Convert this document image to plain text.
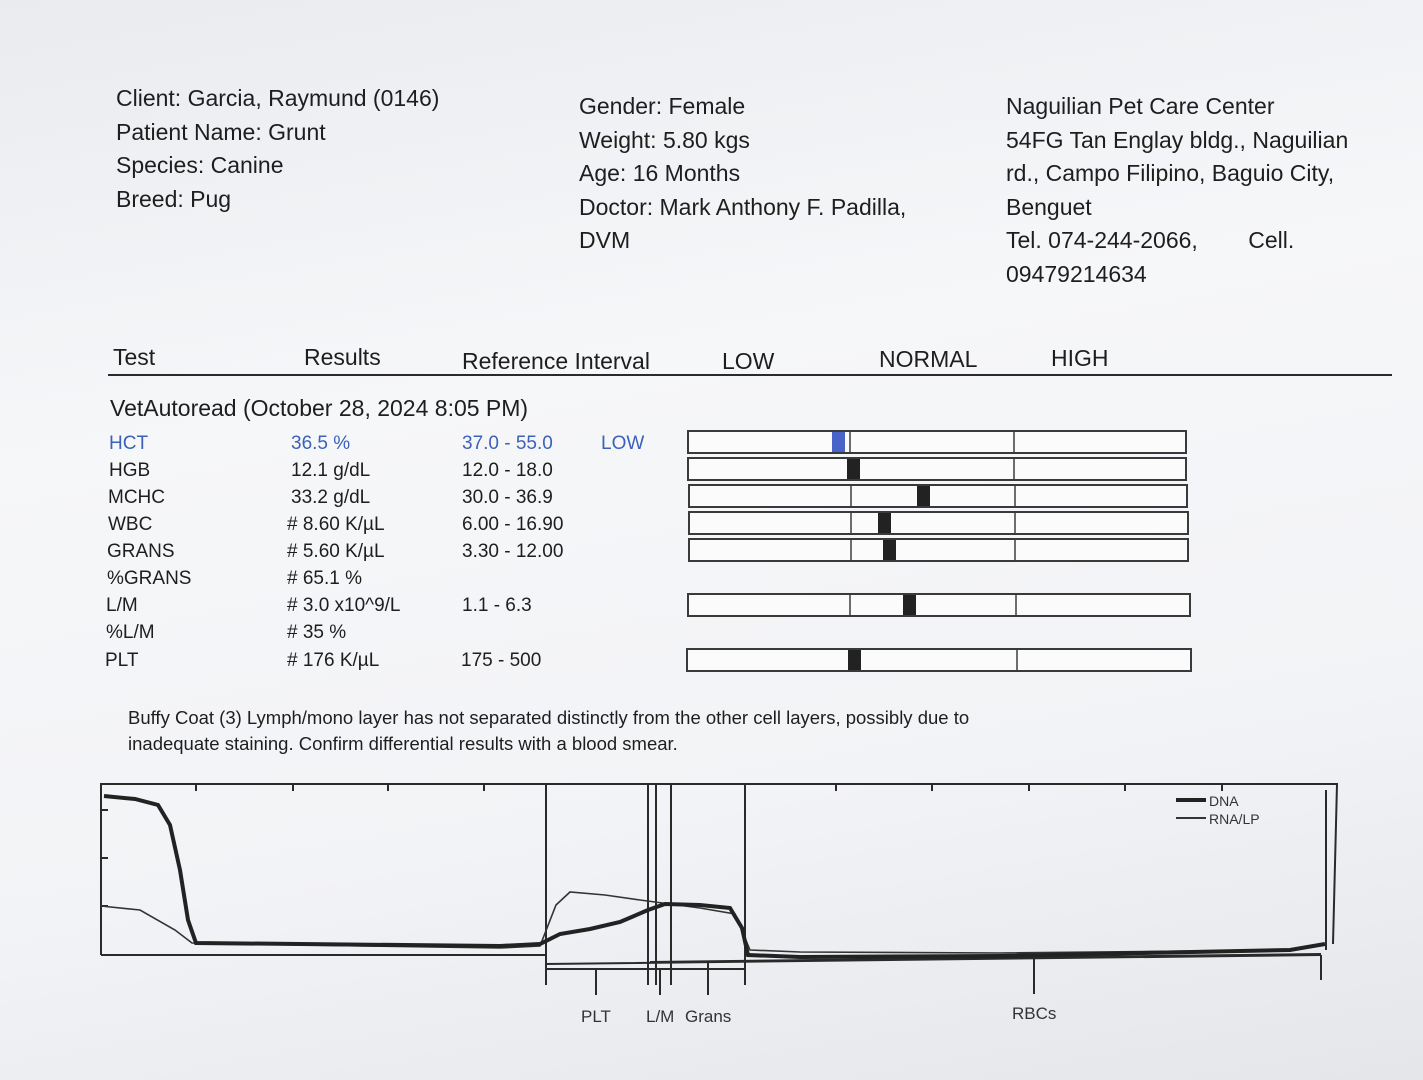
Client: Garcia, Raymund (0146)
Patient Name: Grunt
Species: Canine
Breed: Pug
Gender: Female
Weight: 5.80 kgs
Age: 16 Months
Doctor: Mark Anthony F. Padilla,
DVM
Naguilian Pet Care Center
54FG Tan Englay bldg., Naguilian
rd., Campo Filipino, Baguio City,
Benguet
Tel. 074-244-2066, Cell.
09479214634
Test	Results	Reference Interval	LOW	NORMAL	HIGH
VetAutoread (October 28, 2024 8:05 PM)
HCT	36.5 %	37.0 - 55.0	LOW
HGB	12.1 g/dL	12.0 - 18.0
MCHC	33.2 g/dL	30.0 - 36.9
WBC	# 8.60 K/µL	6.00 - 16.90
GRANS	# 5.60 K/µL	3.30 - 12.00
%GRANS	# 65.1 %
L/M	# 3.0 x10^9/L	1.1 - 6.3
%L/M	# 35 %
PLT	# 176 K/µL	175 - 500
Buffy Coat (3) Lymph/mono layer has not separated distinctly from the other cell layers, possibly due to
inadequate staining. Confirm differential results with a blood smear.
DNA
RNA/LP
PLT L/M Grans	RBCs
